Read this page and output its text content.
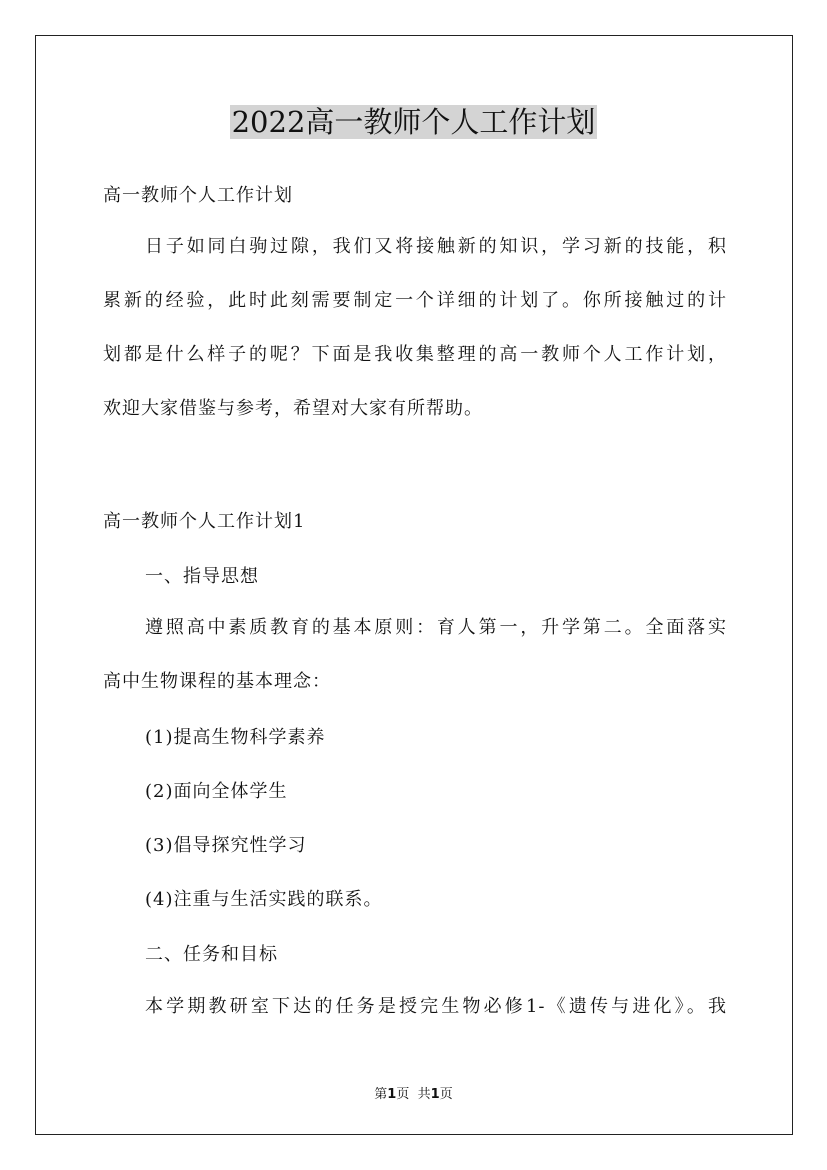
2022高一教师个人工作计划
高一教师个人工作计划
日子如同白驹过隙，我们又将接触新的知识，学习新的技能，积
累新的经验，此时此刻需要制定一个详细的计划了。你所接触过的计
划都是什么样子的呢？下面是我收集整理的高一教师个人工作计划，
欢迎大家借鉴与参考，希望对大家有所帮助。
高一教师个人工作计划1
一、指导思想
遵照高中素质教育的基本原则：育人第一，升学第二。全面落实
高中生物课程的基本理念：
(1)提高生物科学素养
(2)面向全体学生
(3)倡导探究性学习
(4)注重与生活实践的联系。
二、任务和目标
本学期教研室下达的任务是授完生物必修1-《遗传与进化》。我
第1页 共1页
